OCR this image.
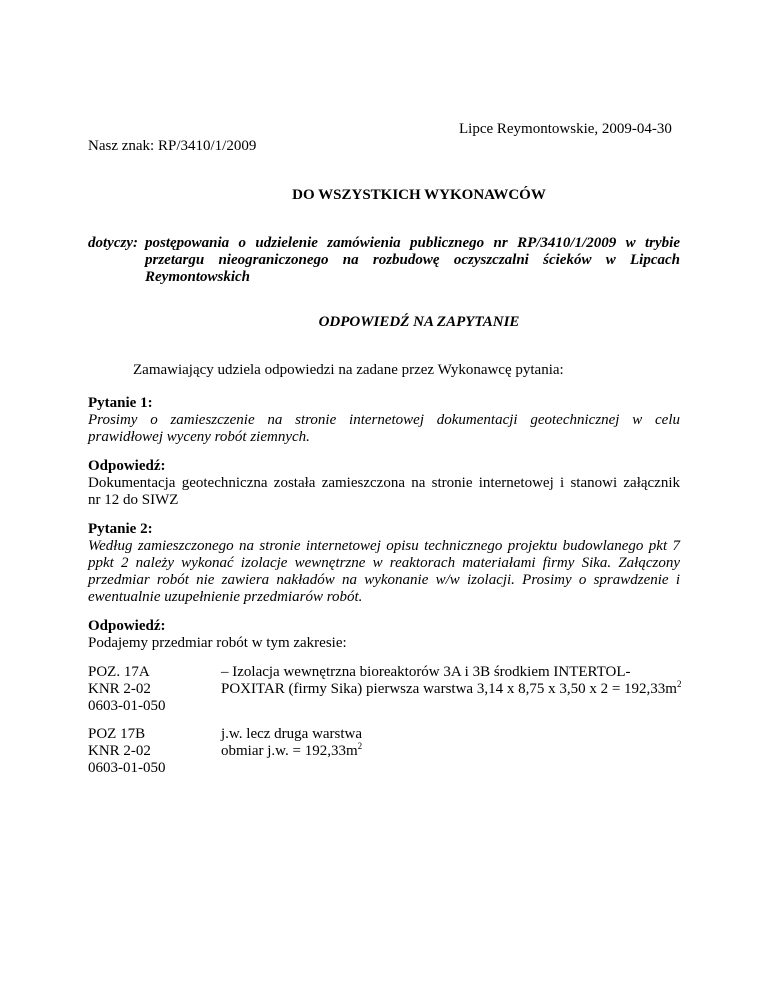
Lipce Reymontowskie, 2009-04-30
Nasz znak: RP/3410/1/2009
DO WSZYSTKICH WYKONAWCÓW
dotyczy: postępowania o udzielenie zamówienia publicznego nr RP/3410/1/2009 w trybie
przetargu nieograniczonego na rozbudowę oczyszczalni ścieków w Lipcach
Reymontowskich
ODPOWIEDŹ NA ZAPYTANIE
Zamawiający udziela odpowiedzi na zadane przez Wykonawcę pytania:
Pytanie 1:
Prosimy o zamieszczenie na stronie internetowej dokumentacji geotechnicznej w celu
prawidłowej wyceny robót ziemnych.
Odpowiedź:
Dokumentacja geotechniczna została zamieszczona na stronie internetowej i stanowi załącznik
nr 12 do SIWZ
Pytanie 2:
Według zamieszczonego na stronie internetowej opisu technicznego projektu budowlanego pkt 7
ppkt 2 należy wykonać izolacje wewnętrzne w reaktorach materiałami firmy Sika. Załączony
przedmiar robót nie zawiera nakładów na wykonanie w/w izolacji. Prosimy o sprawdzenie i
ewentualnie uzupełnienie przedmiarów robót.
Odpowiedź:
Podajemy przedmiar robót w tym zakresie:
POZ. 17A
KNR 2-02
0603-01-050
– Izolacja wewnętrzna bioreaktorów 3A i 3B środkiem INTERTOL-
POXITAR (firmy Sika) pierwsza warstwa 3,14 x 8,75 x 3,50 x $2 = 192,33m^2$
POZ 17B
KNR 2-02
0603-01-050
j.w. lecz druga warstwa
obmiar j.w. = $192,33m^2$
